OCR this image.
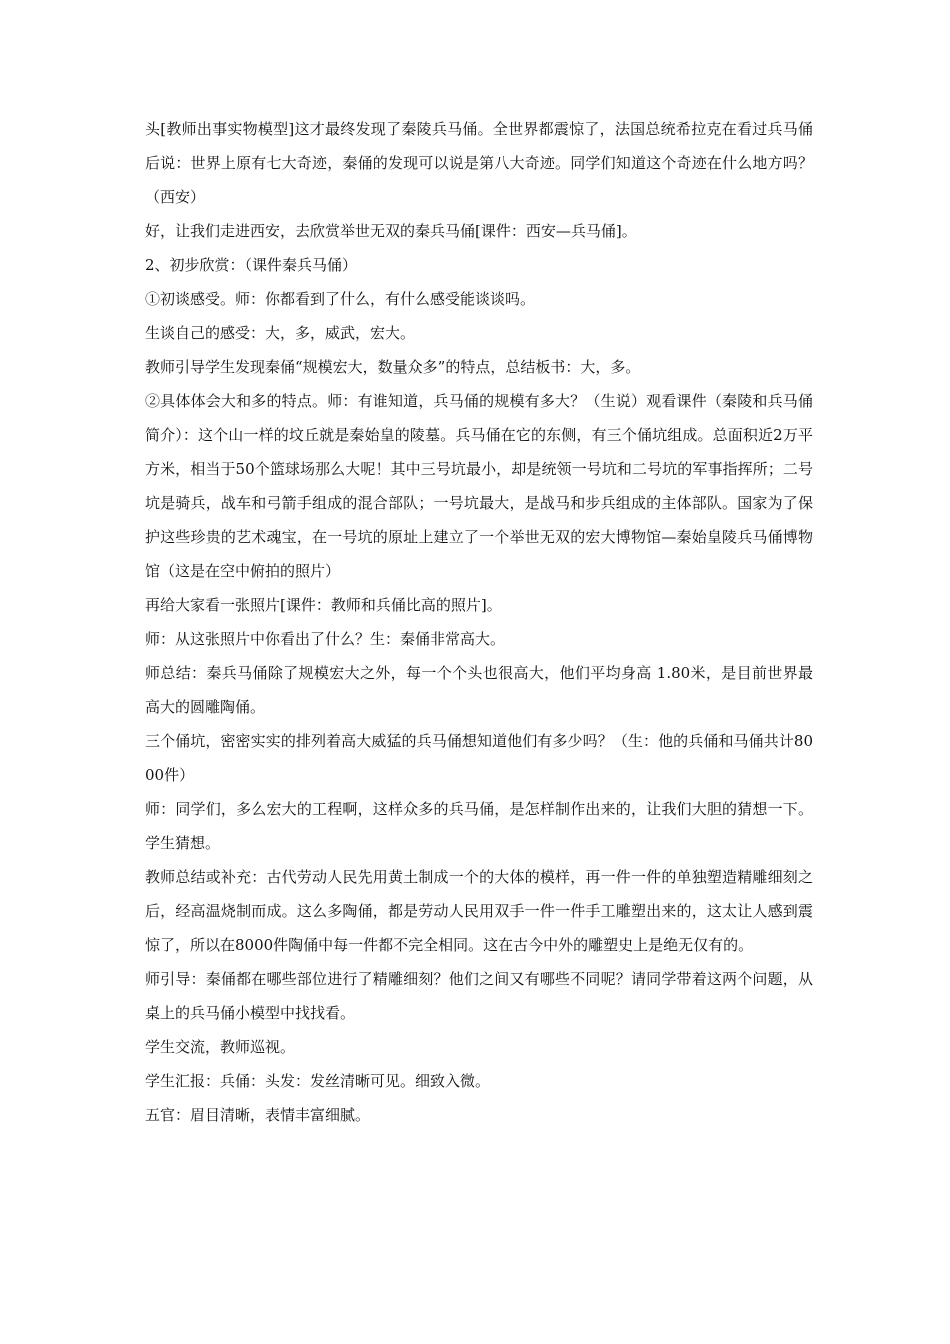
头[教师出事实物模型]这才最终发现了秦陵兵马俑。全世界都震惊了，法国总统希拉克在看过兵马俑后说：世界上原有七大奇迹，秦俑的发现可以说是第八大奇迹。同学们知道这个奇迹在什么地方吗？（西安）

好，让我们走进西安，去欣赏举世无双的秦兵马俑[课件：西安—兵马俑]。

2、初步欣赏：（课件秦兵马俑）

①初谈感受。师：你都看到了什么，有什么感受能谈谈吗。

生谈自己的感受：大，多，威武，宏大。

教师引导学生发现秦俑“规模宏大，数量众多”的特点，总结板书：大，多。

②具体体会大和多的特点。师：有谁知道，兵马俑的规模有多大？（生说）观看课件（秦陵和兵马俑简介）：这个山一样的坟丘就是秦始皇的陵墓。兵马俑在它的东侧，有三个俑坑组成。总面积近2万平方米，相当于50个篮球场那么大呢！其中三号坑最小，却是统领一号坑和二号坑的军事指挥所；二号坑是骑兵，战车和弓箭手组成的混合部队；一号坑最大，是战马和步兵组成的主体部队。国家为了保护这些珍贵的艺术魂宝，在一号坑的原址上建立了一个举世无双的宏大博物馆—秦始皇陵兵马俑博物馆（这是在空中俯拍的照片）

再给大家看一张照片[课件：教师和兵俑比高的照片]。

师：从这张照片中你看出了什么？生：秦俑非常高大。

师总结：秦兵马俑除了规模宏大之外，每一个个头也很高大，他们平均身高 1.80米，是目前世界最高大的圆雕陶俑。

三个俑坑，密密实实的排列着高大威猛的兵马俑想知道他们有多少吗？（生：他的兵俑和马俑共计8000件）

师：同学们，多么宏大的工程啊，这样众多的兵马俑，是怎样制作出来的，让我们大胆的猜想一下。学生猜想。

教师总结或补充：古代劳动人民先用黄土制成一个的大体的模样，再一件一件的单独塑造精雕细刻之后，经高温烧制而成。这么多陶俑，都是劳动人民用双手一件一件手工雕塑出来的，这太让人感到震惊了，所以在8000件陶俑中每一件都不完全相同。这在古今中外的雕塑史上是绝无仅有的。

师引导：秦俑都在哪些部位进行了精雕细刻？他们之间又有哪些不同呢？请同学带着这两个问题，从桌上的兵马俑小模型中找找看。

学生交流，教师巡视。

学生汇报：兵俑：头发：发丝清晰可见。细致入微。

五官：眉目清晰，表情丰富细腻。
